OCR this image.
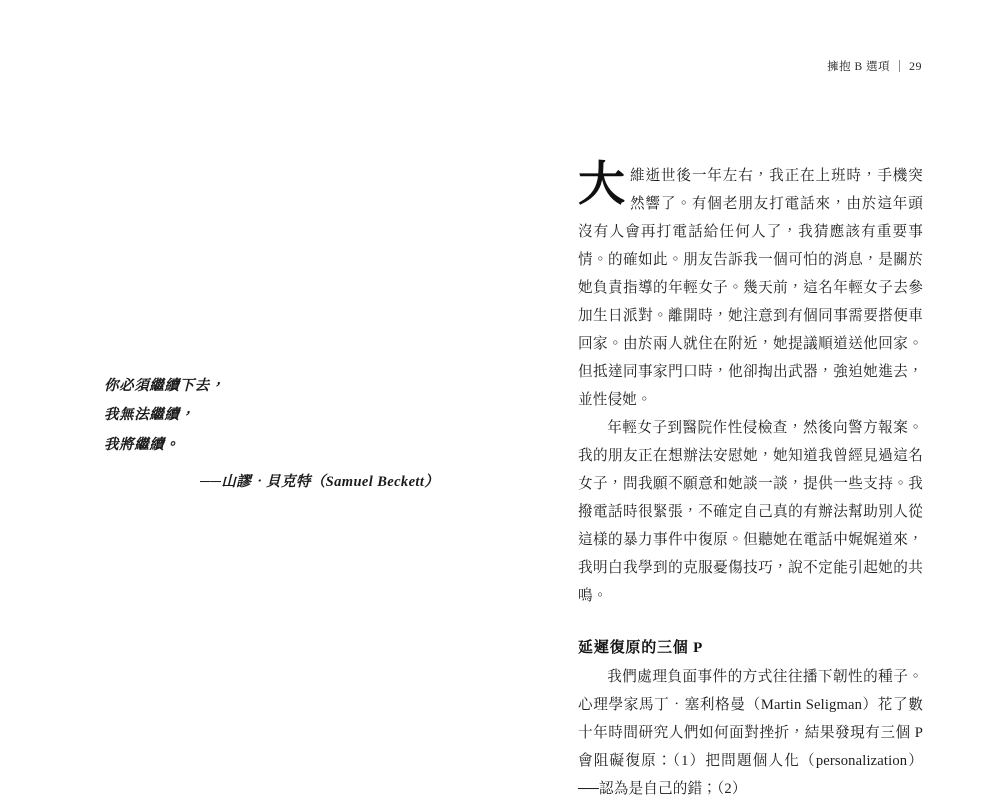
擁抱 B 選項 29
你必須繼續下去，
我無法繼續，
我將繼續。
──山謬‧貝克特（Samuel Beckett）

大維逝世後一年左右，我正在上班時，手機突然響了。有個老朋友打電話來，由於這年頭沒有人會再打電話給任何人了，我猜應該有重要事情。的確如此。朋友告訴我一個可怕的消息，是關於她負責指導的年輕女子。幾天前，這名年輕女子去參加生日派對。離開時，她注意到有個同事需要搭便車回家。由於兩人就住在附近，她提議順道送他回家。但抵達同事家門口時，他卻掏出武器，強迫她進去，並性侵她。

年輕女子到醫院作性侵檢查，然後向警方報案。我的朋友正在想辦法安慰她，她知道我曾經見過這名女子，問我願不願意和她談一談，提供一些支持。我撥電話時很緊張，不確定自己真的有辦法幫助別人從這樣的暴力事件中復原。但聽她在電話中娓娓道來，我明白我學到的克服憂傷技巧，說不定能引起她的共鳴。

延遲復原的三個 P

我們處理負面事件的方式往往播下韌性的種子。心理學家馬丁‧塞利格曼（Martin Seligman）花了數十年時間研究人們如何面對挫折，結果發現有三個 P 會阻礙復原：（1）把問題個人化（personalization）──認為是自己的錯；（2）
